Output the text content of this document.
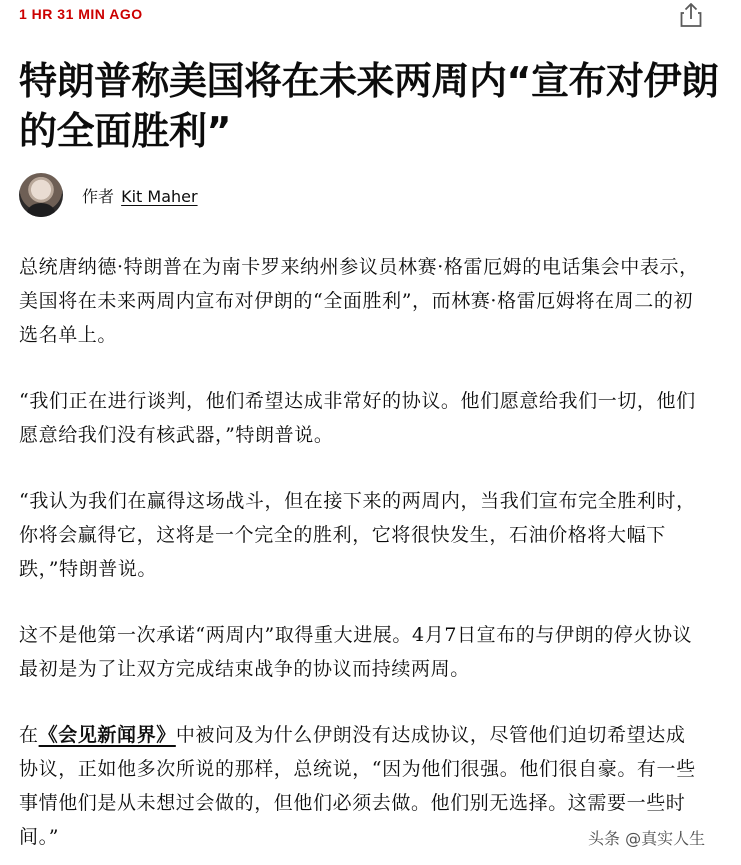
1 HR 31 MIN AGO
特朗普称美国将在未来两周内“宣布对伊朗的全面胜利”
作者 Kit Maher

总统唐纳德·特朗普在为南卡罗来纳州参议员林赛·格雷厄姆的电话集会中表示，美国将在未来两周内宣布对伊朗的“全面胜利”，而林赛·格雷厄姆将在周二的初选名单上。

“我们正在进行谈判，他们希望达成非常好的协议。他们愿意给我们一切，他们愿意给我们没有核武器，”特朗普说。

“我认为我们在赢得这场战斗，但在接下来的两周内，当我们宣布完全胜利时，你将会赢得它，这将是一个完全的胜利，它将很快发生，石油价格将大幅下跌，”特朗普说。

这不是他第一次承诺“两周内”取得重大进展。4月7日宣布的与伊朗的停火协议最初是为了让双方完成结束战争的协议而持续两周。

在《会见新闻界》中被问及为什么伊朗没有达成协议，尽管他们迫切希望达成协议，正如他多次所说的那样，总统说，“因为他们很强。他们很自豪。有一些事情他们是从未想过会做的，但他们必须去做。他们别无选择。这需要一些时间。”	头条 @真实人生
